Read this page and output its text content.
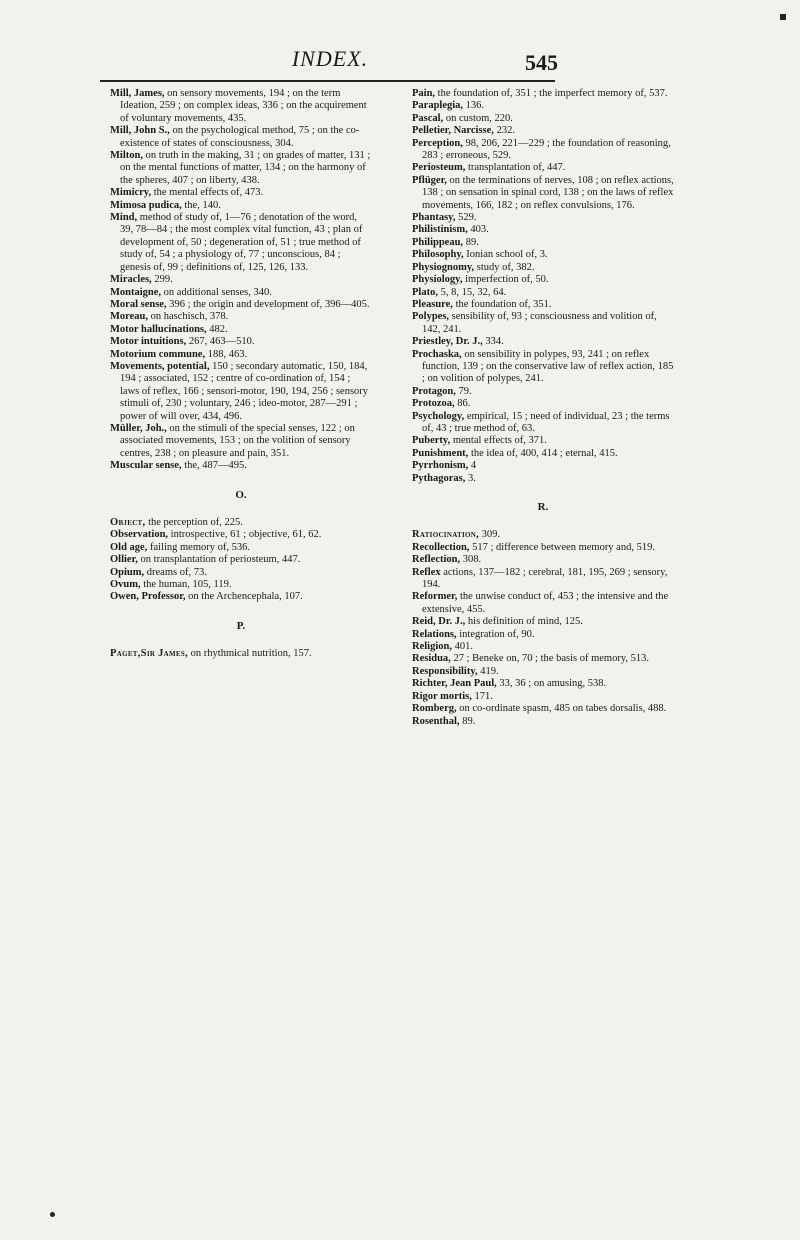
INDEX.	545

Mill, James, on sensory movements, 194 ; on the term Ideation, 259 ; on complex ideas, 336 ; on the acquirement of voluntary movements, 435.

Mill, John S., on the psychological method, 75 ; on the co-existence of states of consciousness, 304.

Milton, on truth in the making, 31 ; on grades of matter, 131 ; on the mental functions of matter, 134 ; on the harmony of the spheres, 407 ; on liberty, 438.

Mimicry, the mental effects of, 473.

Mimosa pudica, the, 140.

Mind, method of study of, 1—76 ; denotation of the word, 39, 78—84 ; the most complex vital function, 43 ; plan of development of, 50 ; degeneration of, 51 ; true method of study of, 54 ; a physiology of, 77 ; unconscious, 84 ; genesis of, 99 ; definitions of, 125, 126, 133.

Miracles, 299.

Montaigne, on additional senses, 340.

Moral sense, 396 ; the origin and development of, 396—405.

Moreau, on haschisch, 378.

Motor hallucinations, 482.

Motor intuitions, 267, 463—510.

Motorium commune, 188, 463.

Movements, potential, 150 ; secondary automatic, 150, 184, 194 ; associated, 152 ; centre of co-ordination of, 154 ; laws of reflex, 166 ; sensori-motor, 190, 194, 256 ; sensory stimuli of, 230 ; voluntary, 246 ; ideo-motor, 287—291 ; power of will over, 434, 496.

Müller, Joh., on the stimuli of the special senses, 122 ; on associated movements, 153 ; on the volition of sensory centres, 238 ; on pleasure and pain, 351.

Muscular sense, the, 487—495.

O.

Object, the perception of, 225.

Observation, introspective, 61 ; objective, 61, 62.

Old age, failing memory of, 536.

Ollier, on transplantation of periosteum, 447.

Opium, dreams of, 73.

Ovum, the human, 105, 119.

Owen, Professor, on the Archencephala, 107.

P.

Paget,Sir James, on rhythmical nutrition, 157.

Pain, the foundation of, 351 ; the imperfect memory of, 537.

Paraplegia, 136.

Pascal, on custom, 220.

Pelletier, Narcisse, 232.

Perception, 98, 206, 221—229 ; the foundation of reasoning, 283 ; erroneous, 529.

Periosteum, transplantation of, 447.

Pflüger, on the terminations of nerves, 108 ; on reflex actions, 138 ; on sensation in spinal cord, 138 ; on the laws of reflex movements, 166, 182 ; on reflex convulsions, 176.

Phantasy, 529.

Philistinism, 403.

Philippeau, 89.

Philosophy, Ionian school of, 3.

Physiognomy, study of, 382.

Physiology, imperfection of, 50.

Plato, 5, 8, 15, 32, 64.

Pleasure, the foundation of, 351.

Polypes, sensibility of, 93 ; consciousness and volition of, 142, 241.

Priestley, Dr. J., 334.

Prochaska, on sensibility in polypes, 93, 241 ; on reflex function, 139 ; on the conservative law of reflex action, 185 ; on volition of polypes, 241.

Protagon, 79.

Protozoa, 86.

Psychology, empirical, 15 ; need of individual, 23 ; the terms of, 43 ; true method of, 63.

Puberty, mental effects of, 371.

Punishment, the idea of, 400, 414 ; eternal, 415.

Pyrrhonism, 4

Pythagoras, 3.

R.

Ratiocination, 309.

Recollection, 517 ; difference between memory and, 519.

Reflection, 308.

Reflex actions, 137—182 ; cerebral, 181, 195, 269 ; sensory, 194.

Reformer, the unwise conduct of, 453 ; the intensive and the extensive, 455.

Reid, Dr. J., his definition of mind, 125.

Relations, integration of, 90.

Religion, 401.

Residua, 27 ; Beneke on, 70 ; the basis of memory, 513.

Responsibility, 419.

Richter, Jean Paul, 33, 36 ; on amusing, 538.

Rigor mortis, 171.

Romberg, on co-ordinate spasm, 485 on tabes dorsalis, 488.

Rosenthal, 89.
